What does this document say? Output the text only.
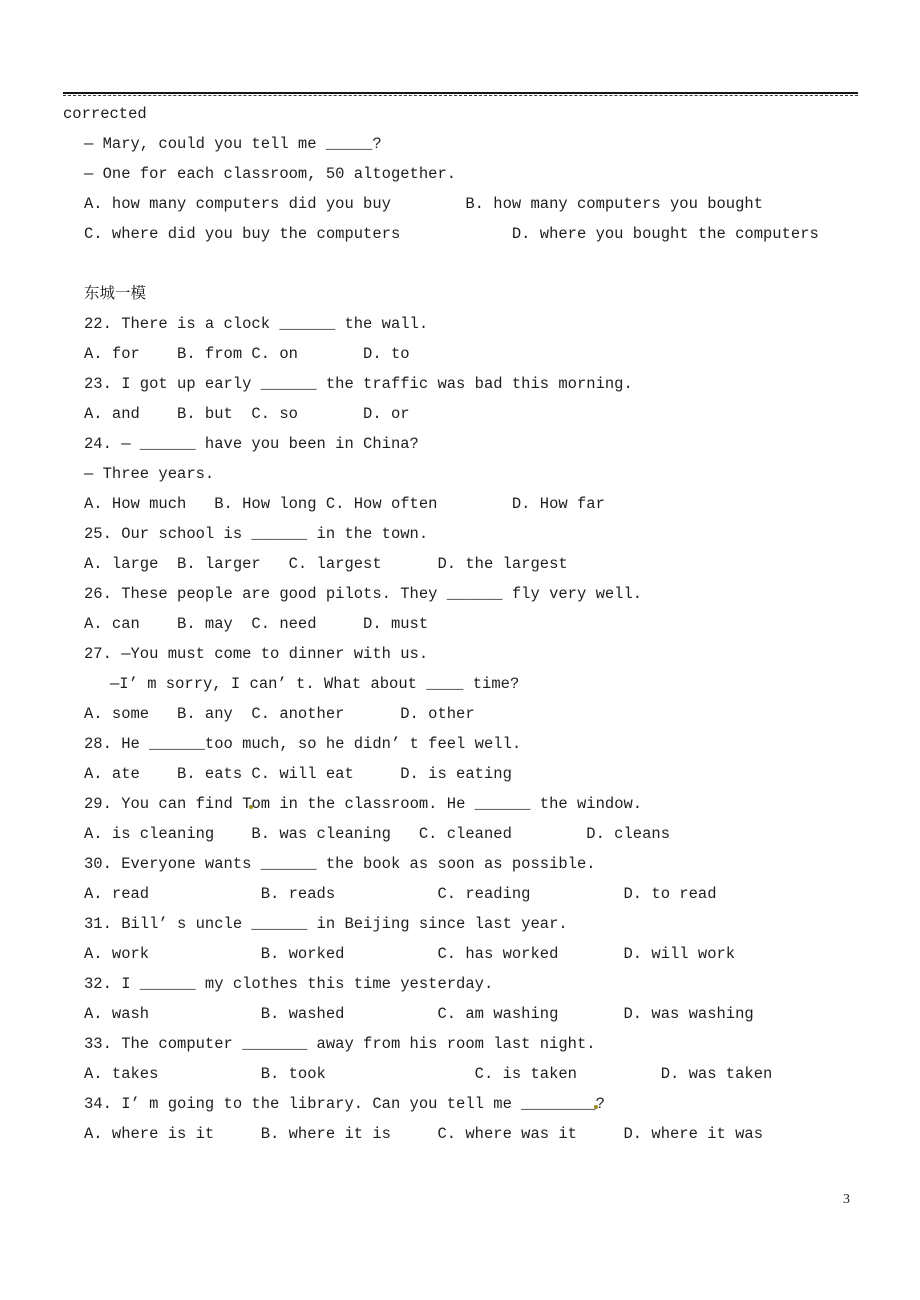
corrected
— Mary, could you tell me _____?
— One for each classroom, 50 altogether.
A. how many computers did you buy        B. how many computers you bought
C. where did you buy the computers            D. where you bought the computers
东城一模
22. There is a clock ______ the wall.
A. for    B. from C. on       D. to
23. I got up early ______ the traffic was bad this morning.
A. and    B. but  C. so       D. or
24. — ______ have you been in China?
— Three years.
A. How much   B. How long C. How often        D. How far
25. Our school is ______ in the town.
A. large  B. larger   C. largest      D. the largest
26. These people are good pilots. They ______ fly very well.
A. can    B. may  C. need     D. must
27. —You must come to dinner with us.
—I’ m sorry, I can’ t. What about ____ time?
A. some   B. any  C. another      D. other
28. He ______too much, so he didn’ t feel well.
A. ate    B. eats C. will eat     D. is eating
29. You can find Tom in the classroom. He ______ the window.
A. is cleaning    B. was cleaning   C. cleaned        D. cleans
30. Everyone wants ______ the book as soon as possible.
A. read            B. reads           C. reading          D. to read
31. Bill’ s uncle ______ in Beijing since last year.
A. work            B. worked          C. has worked       D. will work
32. I ______ my clothes this time yesterday.
A. wash            B. washed          C. am washing       D. was washing
33. The computer _______ away from his room last night.
A. takes           B. took                C. is taken         D. was taken
34. I’ m going to the library. Can you tell me ________?
A. where is it     B. where it is     C. where was it     D. where it was
3
